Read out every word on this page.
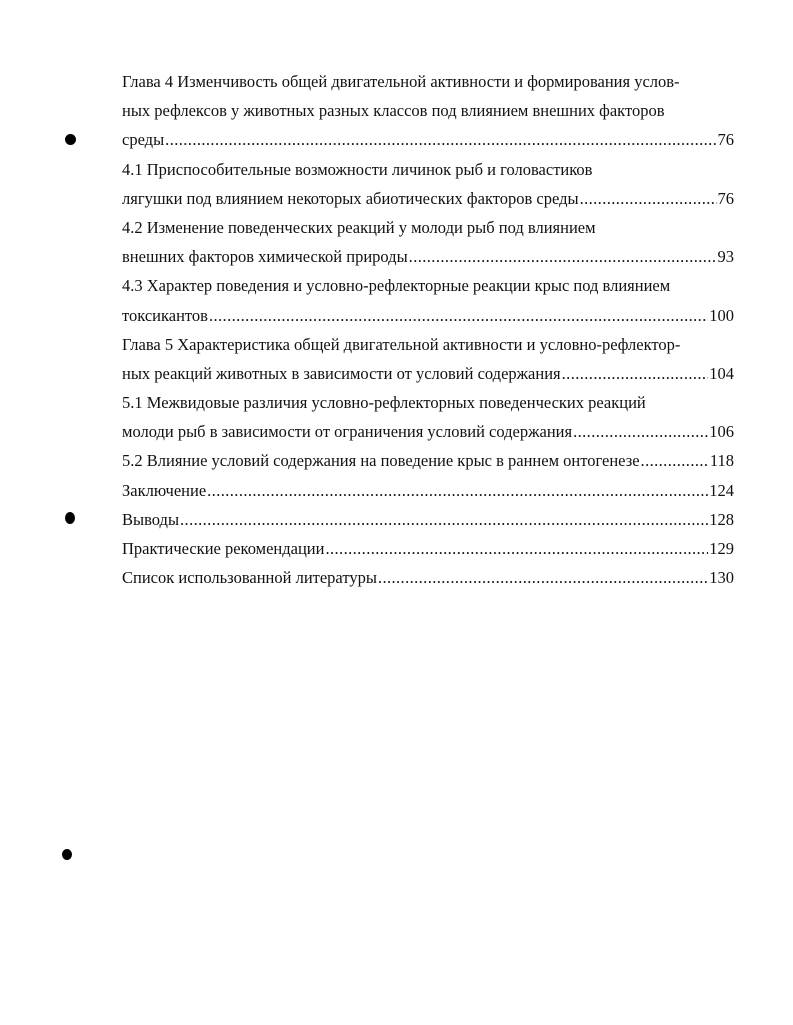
Глава 4 Изменчивость общей двигательной активности и формирования услов-
ных рефлексов у животных разных классов под влиянием внешних факторов
среды .....	76
4.1 Приспособительные возможности личинок рыб и головастиков
лягушки под влиянием некоторых абиотических факторов среды .....	76
4.2 Изменение поведенческих реакций у молоди рыб под влиянием
внешних факторов химической природы .....	93
4.3 Характер поведения и условно-рефлекторные реакции крыс под влиянием
токсикантов .....	100
Глава 5 Характеристика общей двигательной активности и условно-рефлектор-
ных реакций животных в зависимости от условий содержания .....	104
5.1 Межвидовые различия условно-рефлекторных поведенческих реакций
молоди рыб в зависимости от ограничения условий содержания .....	106
5.2 Влияние условий содержания на поведение крыс в раннем онтогенезе .....	118
Заключение .....	124
Выводы .....	128
Практические рекомендации .....	129
Список использованной литературы .....	130
